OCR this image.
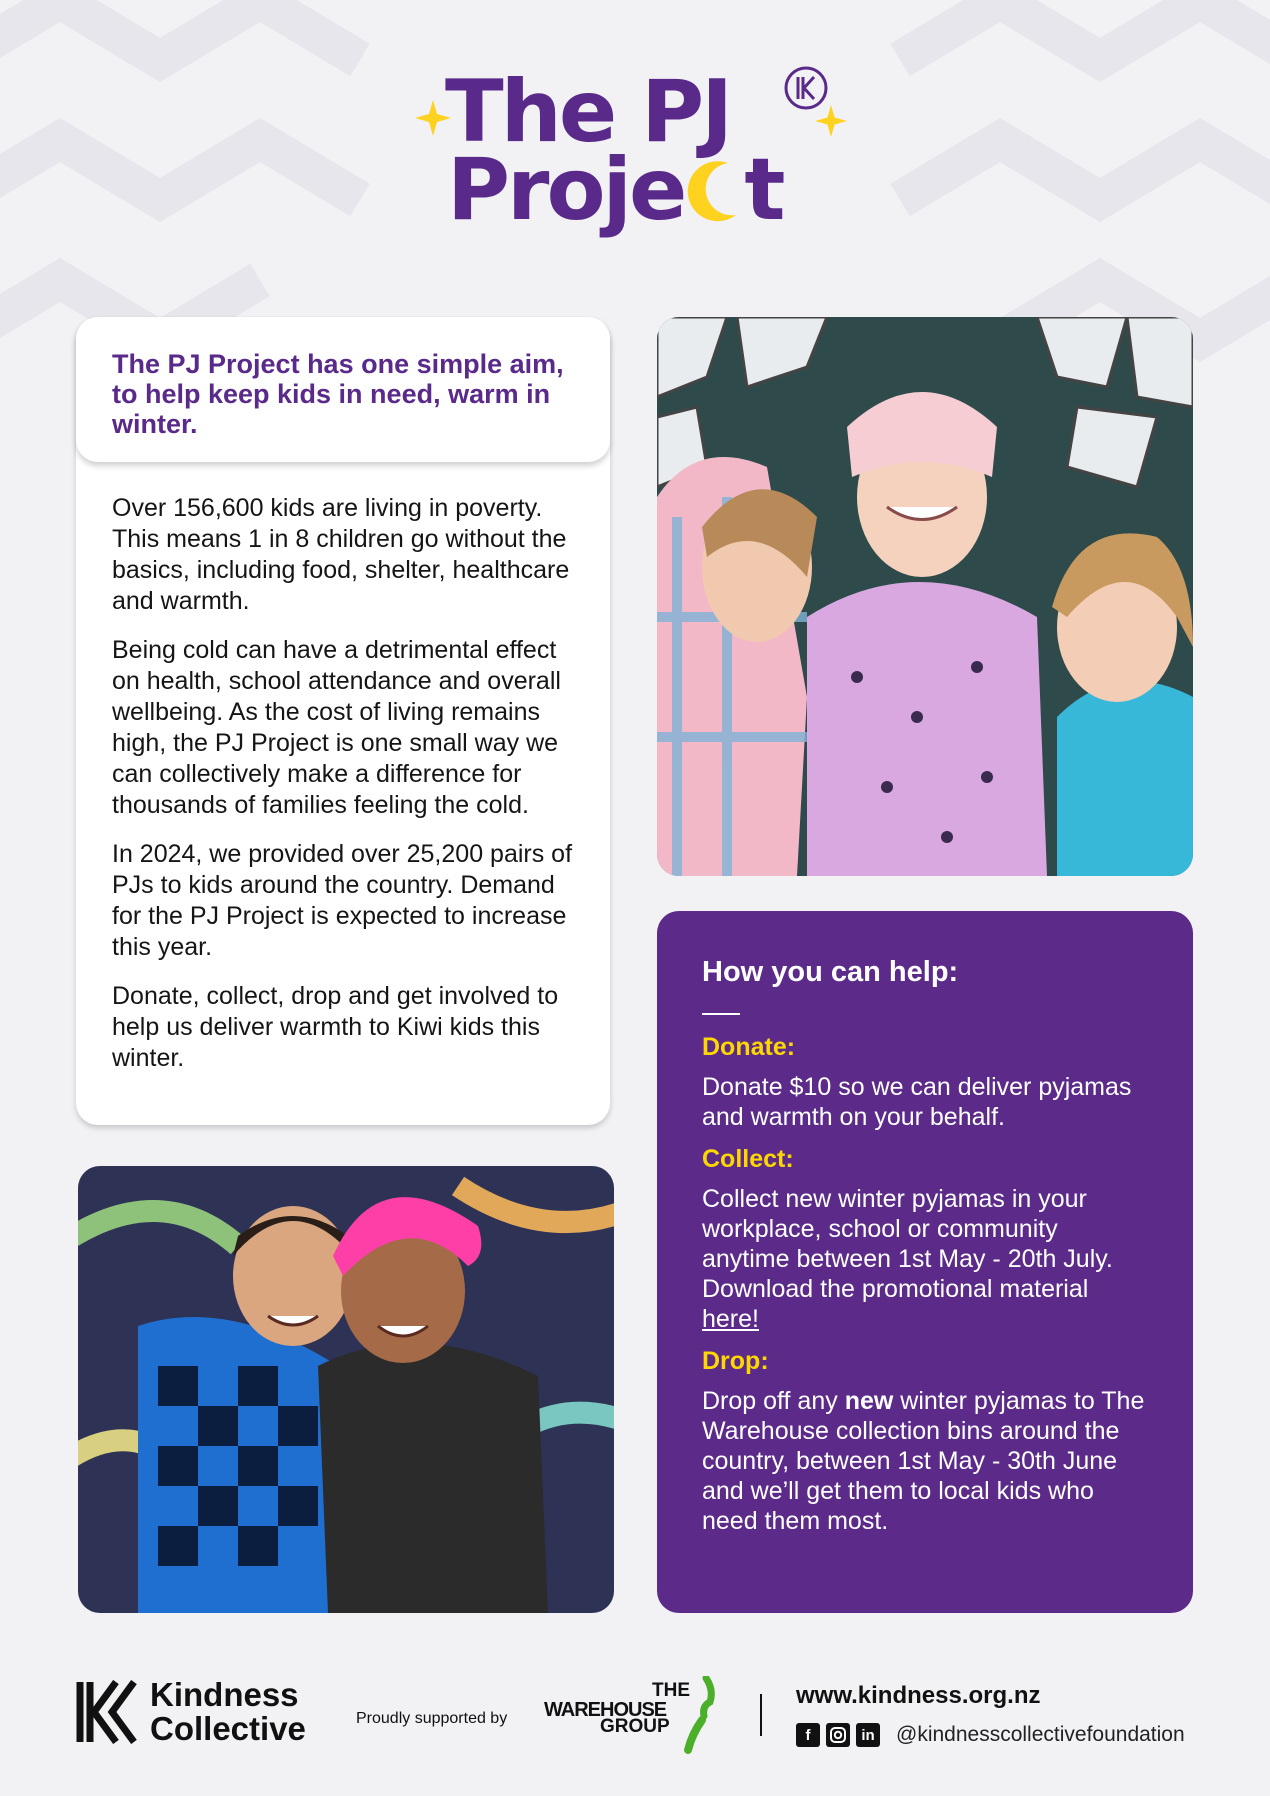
The PJ
Proje t
The PJ Project has one simple aim, to help keep kids in need, warm in winter.

Over 156,600 kids are living in poverty. This means 1 in 8 children go without the basics, including food, shelter, healthcare and warmth.

Being cold can have a detrimental effect on health, school attendance and overall wellbeing. As the cost of living remains high, the PJ Project is one small way we can collectively make a difference for thousands of families feeling the cold.

In 2024, we provided over 25,200 pairs of PJs to kids around the country. Demand for the PJ Project is expected to increase this year.

Donate, collect, drop and get involved to help us deliver warmth to Kiwi kids this winter.

How you can help:
Donate:
Donate $10 so we can deliver pyjamas and warmth on your behalf.
Collect:
Collect new winter pyjamas in your workplace, school or community anytime between 1st May - 20th July. Download the promotional material here!
Drop:
Drop off any new winter pyjamas to The Warehouse collection bins around the country, between 1st May - 30th June and we’ll get them to local kids who need them most.
Kindness
Collective	Proudly supported by
THE
WAREHOUSE
GROUP
www.kindness.org.nz
f	in @kindnesscollectivefoundation
